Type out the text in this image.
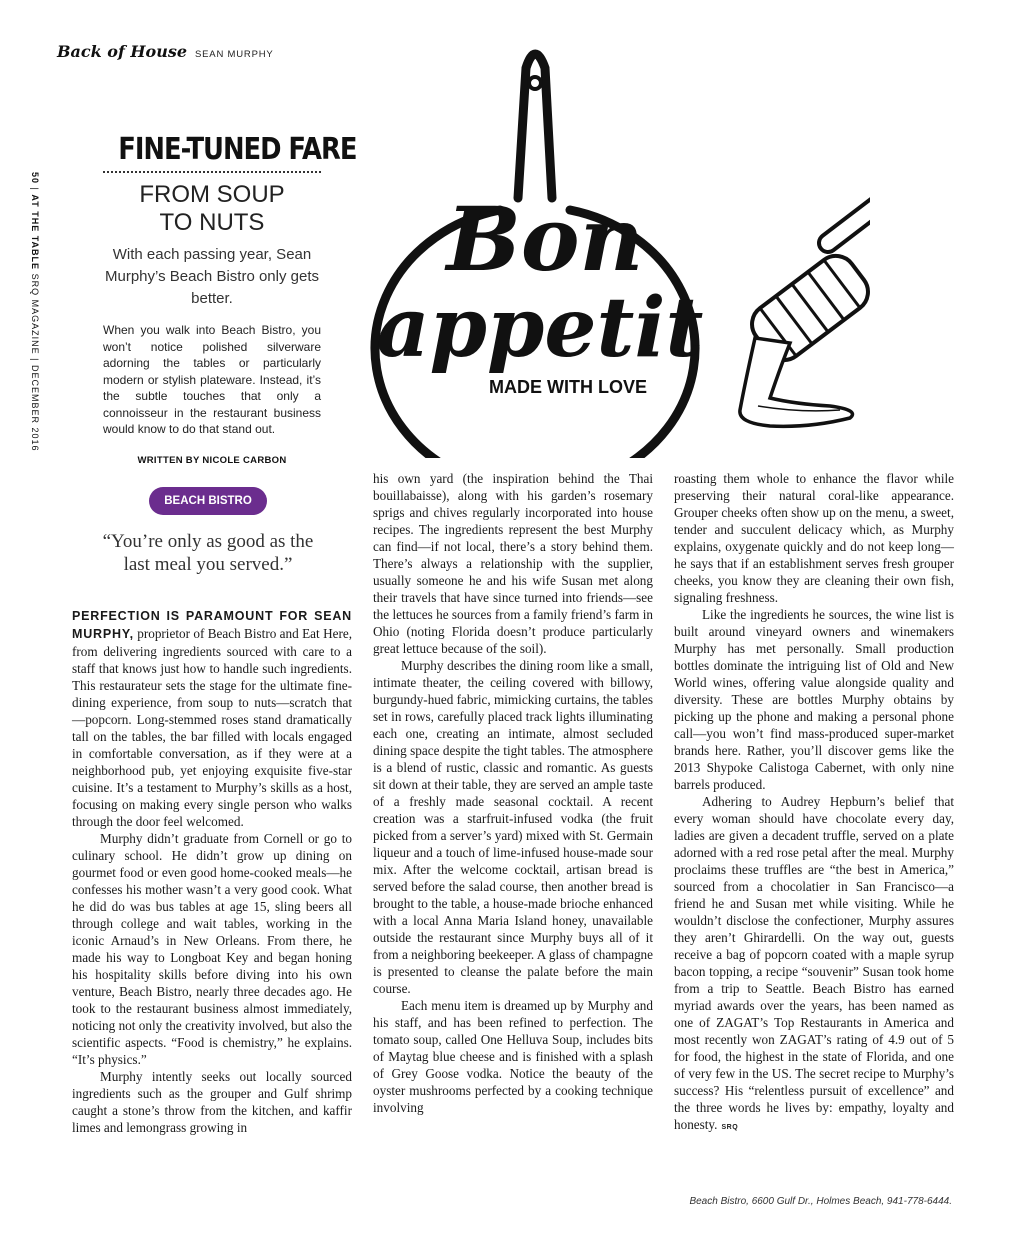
Back of House SEAN MURPHY
50 | AT THE TABLE SRQ MAGAZINE | DECEMBER 2016
FINE-TUNED FARE
FROM SOUP
TO NUTS
With each passing year, Sean Murphy’s Beach Bistro only gets better.
When you walk into Beach Bistro, you won’t notice polished silverware adorning the tables or particularly modern or stylish plateware. Instead, it’s the subtle touches that only a connoisseur in the restaurant business would know to do that stand out.
WRITTEN BY NICOLE CARBON
BEACH BISTRO
“You’re only as good as the last meal you served.”
Bon
appetit
MADE WITH LOVE

PERFECTION IS PARAMOUNT FOR SEAN MURPHY, proprietor of Beach Bistro and Eat Here, from delivering ingredients sourced with care to a staff that knows just how to handle such ingredients. This restaurateur sets the stage for the ultimate fine-dining experience, from soup to nuts—scratch that—popcorn. Long-stemmed roses stand dramatically tall on the tables, the bar filled with locals engaged in comfortable conversation, as if they were at a neighborhood pub, yet enjoying exquisite five-star cuisine. It’s a testament to Murphy’s skills as a host, focusing on making every single person who walks through the door feel welcomed.

Murphy didn’t graduate from Cornell or go to culinary school. He didn’t grow up dining on gourmet food or even good home-cooked meals—he confesses his mother wasn’t a very good cook. What he did do was bus tables at age 15, sling beers all through college and wait tables, working in the iconic Arnaud’s in New Orleans. From there, he made his way to Longboat Key and began honing his hospitality skills before diving into his own venture, Beach Bistro, nearly three decades ago. He took to the restaurant business almost immediately, noticing not only the creativity involved, but also the scientific aspects. “Food is chemistry,” he explains. “It’s physics.”

Murphy intently seeks out locally sourced ingredients such as the grouper and Gulf shrimp caught a stone’s throw from the kitchen, and kaffir limes and lemongrass growing in

his own yard (the inspiration behind the Thai bouillabaisse), along with his garden’s rosemary sprigs and chives regularly incorporated into house recipes. The ingredients represent the best Murphy can find—if not local, there’s a story behind them. There’s always a relationship with the supplier, usually someone he and his wife Susan met along their travels that have since turned into friends—see the lettuces he sources from a family friend’s farm in Ohio (noting Florida doesn’t produce particularly great lettuce because of the soil).

Murphy describes the dining room like a small, intimate theater, the ceiling covered with billowy, burgundy-hued fabric, mimicking curtains, the tables set in rows, carefully placed track lights illuminating each one, creating an intimate, almost secluded dining space despite the tight tables. The atmosphere is a blend of rustic, classic and romantic. As guests sit down at their table, they are served an ample taste of a freshly made seasonal cocktail. A recent creation was a starfruit-infused vodka (the fruit picked from a server’s yard) mixed with St. Germain liqueur and a touch of lime-infused house-made sour mix. After the welcome cocktail, artisan bread is served before the salad course, then another bread is brought to the table, a house-made brioche enhanced with a local Anna Maria Island honey, unavailable outside the restaurant since Murphy buys all of it from a neighboring beekeeper. A glass of champagne is presented to cleanse the palate before the main course.

Each menu item is dreamed up by Murphy and his staff, and has been refined to perfection. The tomato soup, called One Helluva Soup, includes bits of Maytag blue cheese and is finished with a splash of Grey Goose vodka. Notice the beauty of the oyster mushrooms perfected by a cooking technique involving

roasting them whole to enhance the flavor while preserving their natural coral-like appearance. Grouper cheeks often show up on the menu, a sweet, tender and succulent delicacy which, as Murphy explains, oxygenate quickly and do not keep long—he says that if an establishment serves fresh grouper cheeks, you know they are cleaning their own fish, signaling freshness.

Like the ingredients he sources, the wine list is built around vineyard owners and winemakers Murphy has met personally. Small production bottles dominate the intriguing list of Old and New World wines, offering value alongside quality and diversity. These are bottles Murphy obtains by picking up the phone and making a personal phone call—you won’t find mass-produced super-market brands here. Rather, you’ll discover gems like the 2013 Shypoke Calistoga Cabernet, with only nine barrels produced.

Adhering to Audrey Hepburn’s belief that every woman should have chocolate every day, ladies are given a decadent truffle, served on a plate adorned with a red rose petal after the meal. Murphy proclaims these truffles are “the best in America,” sourced from a chocolatier in San Francisco—a friend he and Susan met while visiting. While he wouldn’t disclose the confectioner, Murphy assures they aren’t Ghirardelli. On the way out, guests receive a bag of popcorn coated with a maple syrup bacon topping, a recipe “souvenir” Susan took home from a trip to Seattle. Beach Bistro has earned myriad awards over the years, has been named as one of ZAGAT’s Top Restaurants in America and most recently won ZAGAT’s rating of 4.9 out of 5 for food, the highest in the state of Florida, and one of very few in the US. The secret recipe to Murphy’s success? His “relentless pursuit of excellence” and the three words he lives by: empathy, loyalty and honesty. SRQ

Beach Bistro, 6600 Gulf Dr., Holmes Beach, 941-778-6444.
